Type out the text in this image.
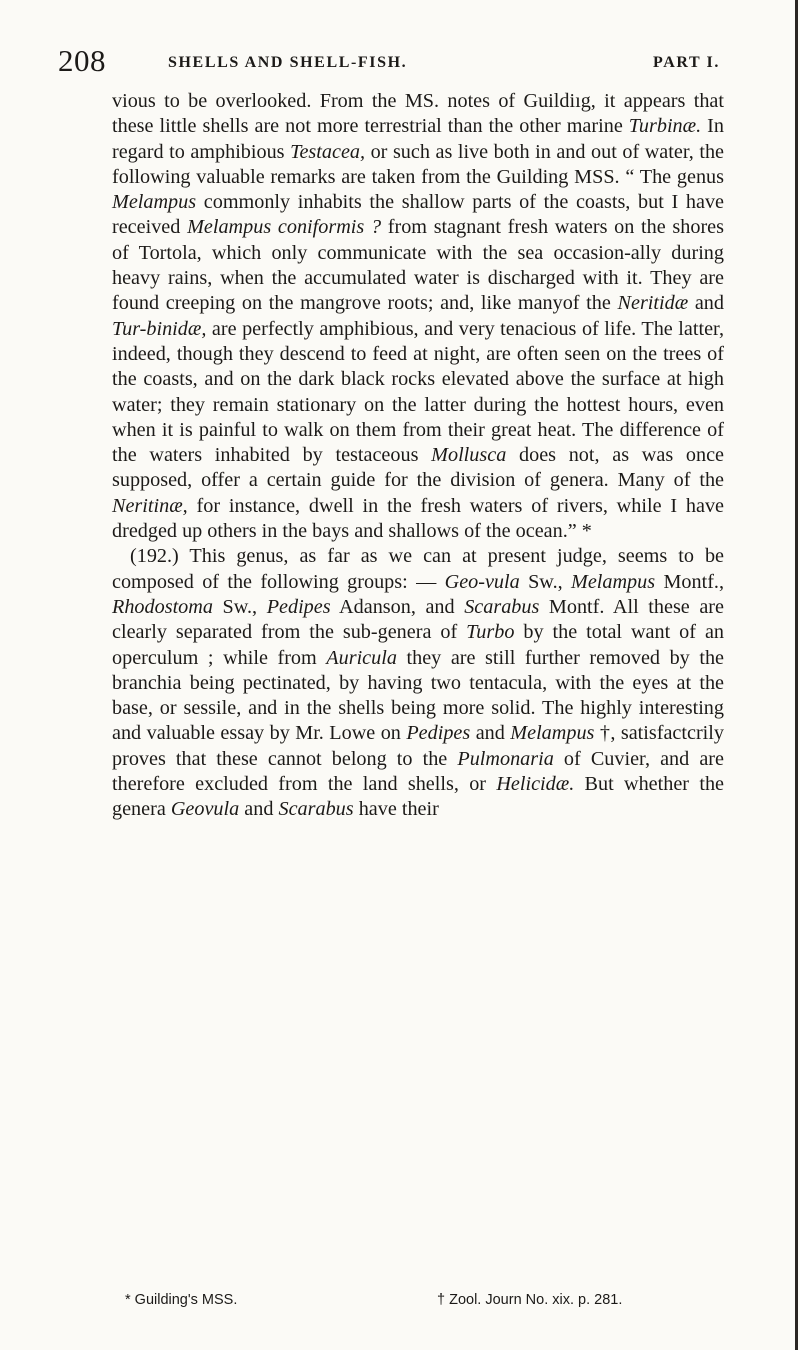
208	SHELLS AND SHELL-FISH.	PART I.

vious to be overlooked. From the MS. notes of Guildiıg, it appears that these little shells are not more terrestrial than the other marine Turbinæ. In regard to amphibious Testacea, or such as live both in and out of water, the following valuable remarks are taken from the Guilding MSS. “ The genus Melampus commonly inhabits the shallow parts of the coasts, but I have received Melampus coniformis ? from stagnant fresh waters on the shores of Tortola, which only communicate with the sea occasion-ally during heavy rains, when the accumulated water is discharged with it. They are found creeping on the mangrove roots; and, like manyof the Neritidæ and Tur-binidæ, are perfectly amphibious, and very tenacious of life. The latter, indeed, though they descend to feed at night, are often seen on the trees of the coasts, and on the dark black rocks elevated above the surface at high water; they remain stationary on the latter during the hottest hours, even when it is painful to walk on them from their great heat. The difference of the waters inhabited by testaceous Mollusca does not, as was once supposed, offer a certain guide for the division of genera. Many of the Neritinæ, for instance, dwell in the fresh waters of rivers, while I have dredged up others in the bays and shallows of the ocean.” *

(192.) This genus, as far as we can at present judge, seems to be composed of the following groups: — Geo-vula Sw., Melampus Montf., Rhodostoma Sw., Pedipes Adanson, and Scarabus Montf. All these are clearly separated from the sub-genera of Turbo by the total want of an operculum ; while from Auricula they are still further removed by the branchia being pectinated, by having two tentacula, with the eyes at the base, or sessile, and in the shells being more solid. The highly interesting and valuable essay by Mr. Lowe on Pedipes and Melampus †, satisfactcrily proves that these cannot belong to the Pulmonaria of Cuvier, and are therefore excluded from the land shells, or Helicidæ. But whether the genera Geovula and Scarabus have their

* Guilding's MSS.	† Zool. Journ No. xix. p. 281.
